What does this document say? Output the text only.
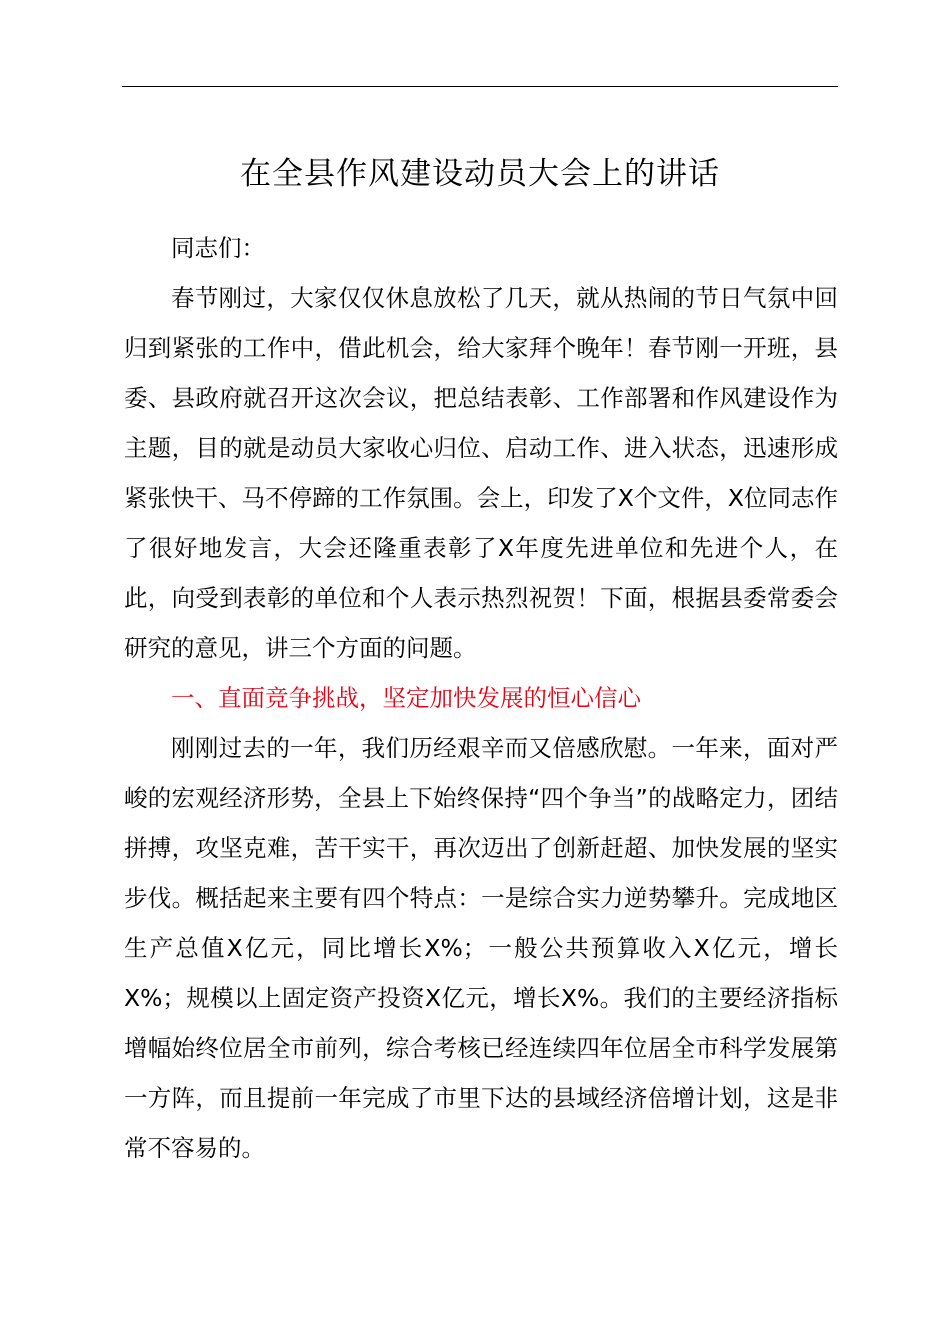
在全县作风建设动员大会上的讲话

同志们：

春节刚过，大家仅仅休息放松了几天，就从热闹的节日气氛中回归到紧张的工作中，借此机会，给大家拜个晚年！春节刚一开班，县委、县政府就召开这次会议，把总结表彰、工作部署和作风建设作为主题，目的就是动员大家收心归位、启动工作、进入状态，迅速形成紧张快干、马不停蹄的工作氛围。会上，印发了X个文件，X位同志作了很好地发言，大会还隆重表彰了X年度先进单位和先进个人，在此，向受到表彰的单位和个人表示热烈祝贺！下面，根据县委常委会研究的意见，讲三个方面的问题。

一、直面竞争挑战，坚定加快发展的恒心信心

刚刚过去的一年，我们历经艰辛而又倍感欣慰。一年来，面对严峻的宏观经济形势，全县上下始终保持“四个争当”的战略定力，团结拼搏，攻坚克难，苦干实干，再次迈出了创新赶超、加快发展的坚实步伐。概括起来主要有四个特点：一是综合实力逆势攀升。完成地区生产总值X亿元，同比增长X%；一般公共预算收入X亿元，增长X%；规模以上固定资产投资X亿元，增长X%。我们的主要经济指标增幅始终位居全市前列，综合考核已经连续四年位居全市科学发展第一方阵，而且提前一年完成了市里下达的县域经济倍增计划，这是非常不容易的。
